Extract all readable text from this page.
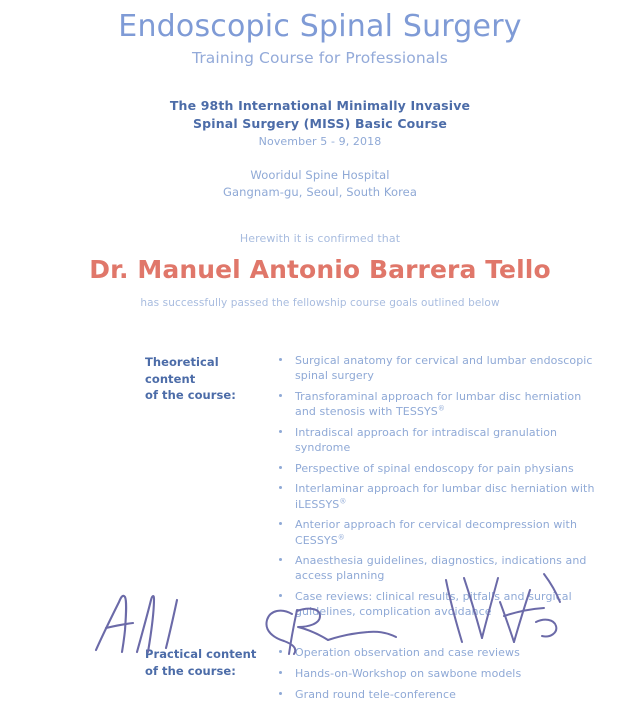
Endoscopic Spinal Surgery
Training Course for Professionals
The 98th International Minimally Invasive
Spinal Surgery (MISS) Basic Course
November 5 - 9, 2018
Wooridul Spine Hospital
Gangnam-gu, Seoul, South Korea
Herewith it is confirmed that
Dr. Manuel Antonio Barrera Tello
has successfully passed the fellowship course goals outlined below
Theoretical content
of the course:
Surgical anatomy for cervical and lumbar endoscopic spinal surgery
Transforaminal approach for lumbar disc herniation and stenosis with TESSYS®
Intradiscal approach for intradiscal granulation syndrome
Perspective of spinal endoscopy for pain physians
Interlaminar approach for lumbar disc herniation with iLESSYS®
Anterior approach for cervical decompression with CESSYS®
Anaesthesia guidelines, diagnostics, indications and access planning
Case reviews: clinical results, pitfalls and surgical guidelines, complication avoidance
Practical content
of the course:
Operation observation and case reviews
Hands-on-Workshop on sawbone models
Grand round tele-conference
